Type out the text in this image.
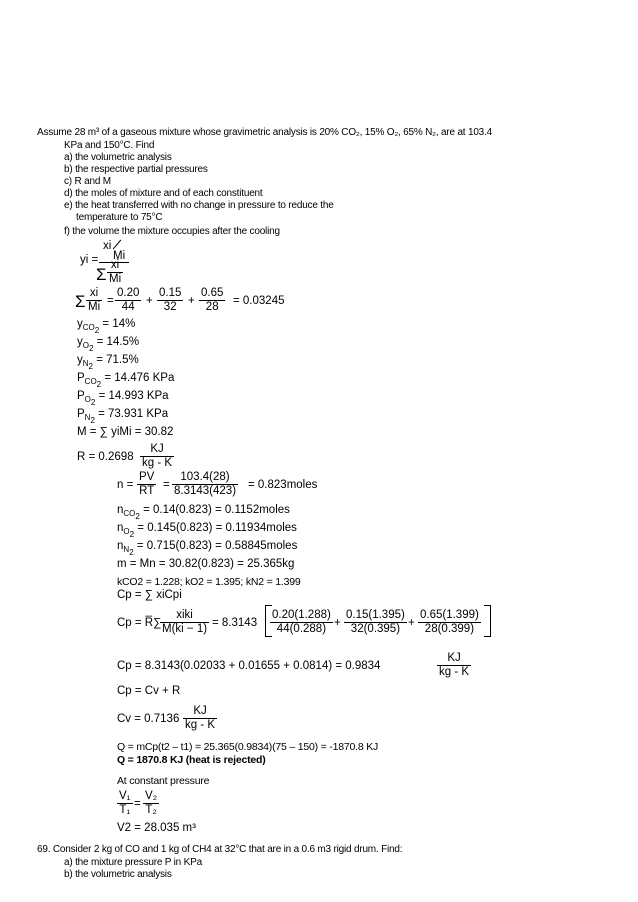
Assume 28 m³ of a gaseous mixture whose gravimetric analysis is 20% CO₂, 15% O₂, 65% N₂, are at 103.4
KPa and 150°C. Find
a) the volumetric analysis
b) the respective partial pressures
c) R and M
d) the moles of mixture and of each constituent
e) the heat transferred with no change in pressure to reduce the
temperature to 75°C
f) the volume the mixture occupies after the cooling
yi =
xi
Mi
Σ $\frac{xi}{Mi}$
Σ $\frac{xi}{Mi} = \frac{0.20}{44} + \frac{0.15}{32} + \frac{0.65}{28} = 0.03245$
$y_{CO_2} = 14\%$
$y_{O_2} = 14.5\%$
$y_{N_2} = 71.5\%$
$P_{CO_2} = 14.476$ KPa
$P_{O_2} = 14.993$ KPa
$P_{N_2} = 73.931$ KPa
M = ∑ yiMi = 30.82
$R = 0.2698 \frac{KJ}{kg - K}$
$n = \frac{PV}{RT} = \frac{103.4(28)}{8.3143(423)}$ = 0.823moles
$n_{CO_2} = 0.14(0.823)$ = 0.1152moles
$n_{O_2} = 0.145(0.823)$ = 0.11934moles
$n_{N_2} = 0.715(0.823)$ = 0.58845moles
m = Mn = 30.82(0.823) = 25.365kg
kCO2 = 1.228; kO2 = 1.395; kN2 = 1.399
Cp = ∑ xiCpi
Cp = R̅∑
xiki
$M(ki - 1) = 8.3143 \frac{0.20(1.288)}{44(0.288)} + \frac{0.15(1.395)}{32(0.395)} + \frac{0.65(1.399)}{28(0.399)}$
Cp = 8.3143(0.02033 + 0.01655 + 0.0814) = 0.9834	$\frac{KJ}{kg - K}$
Cp = Cv + R
$Cv = 0.7136 \frac{KJ}{kg - K}$
Q = mCp(t2 – t1) = 25.365(0.9834)(75 – 150) = -1870.8 KJ
Q = 1870.8 KJ (heat is rejected)
At constant pressure
$\frac{\text{V₁}}{\text{T₁}} = \frac{\text{V₂}}{\text{T₂}}$
V2 = 28.035 m³
69. Consider 2 kg of CO and 1 kg of CH4 at 32°C that are in a 0.6 m3 rigid drum. Find:
a) the mixture pressure P in KPa
b) the volumetric analysis
